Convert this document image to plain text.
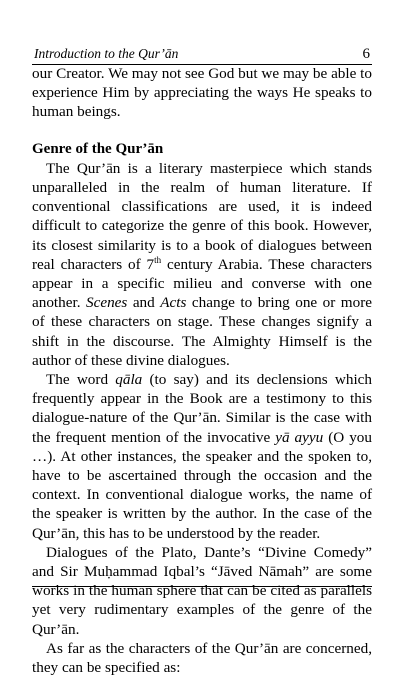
Introduction to the Qur’ān	6

our Creator. We may not see God but we may be able to experience Him by appreciating the ways He speaks to human beings.

Genre of the Qur’ān

The Qur’ān is a literary masterpiece which stands unparalleled in the realm of human literature. If conventional classifications are used, it is indeed difficult to categorize the genre of this book. However, its closest similarity is to a book of dialogues between real characters of 7th century Arabia. These characters appear in a specific milieu and converse with one another. Scenes and Acts change to bring one or more of these characters on stage. These changes signify a shift in the discourse. The Almighty Himself is the author of these divine dialogues.

The word qāla (to say) and its declensions which frequently appear in the Book are a testimony to this dialogue-nature of the Qur’ān. Similar is the case with the frequent mention of the invocative yā ayyu (O you …). At other instances, the speaker and the spoken to, have to be ascertained through the occasion and the context. In conventional dialogue works, the name of the speaker is written by the author. In the case of the Qur’ān, this has to be understood by the reader.

Dialogues of the Plato, Dante’s “Divine Comedy” and Sir Muḥammad Iqbal’s “Jāved Nāmah” are some works in the human sphere that can be cited as parallels yet very rudimentary examples of the genre of the Qur’ān.

As far as the characters of the Qur’ān are concerned, they can be specified as:
